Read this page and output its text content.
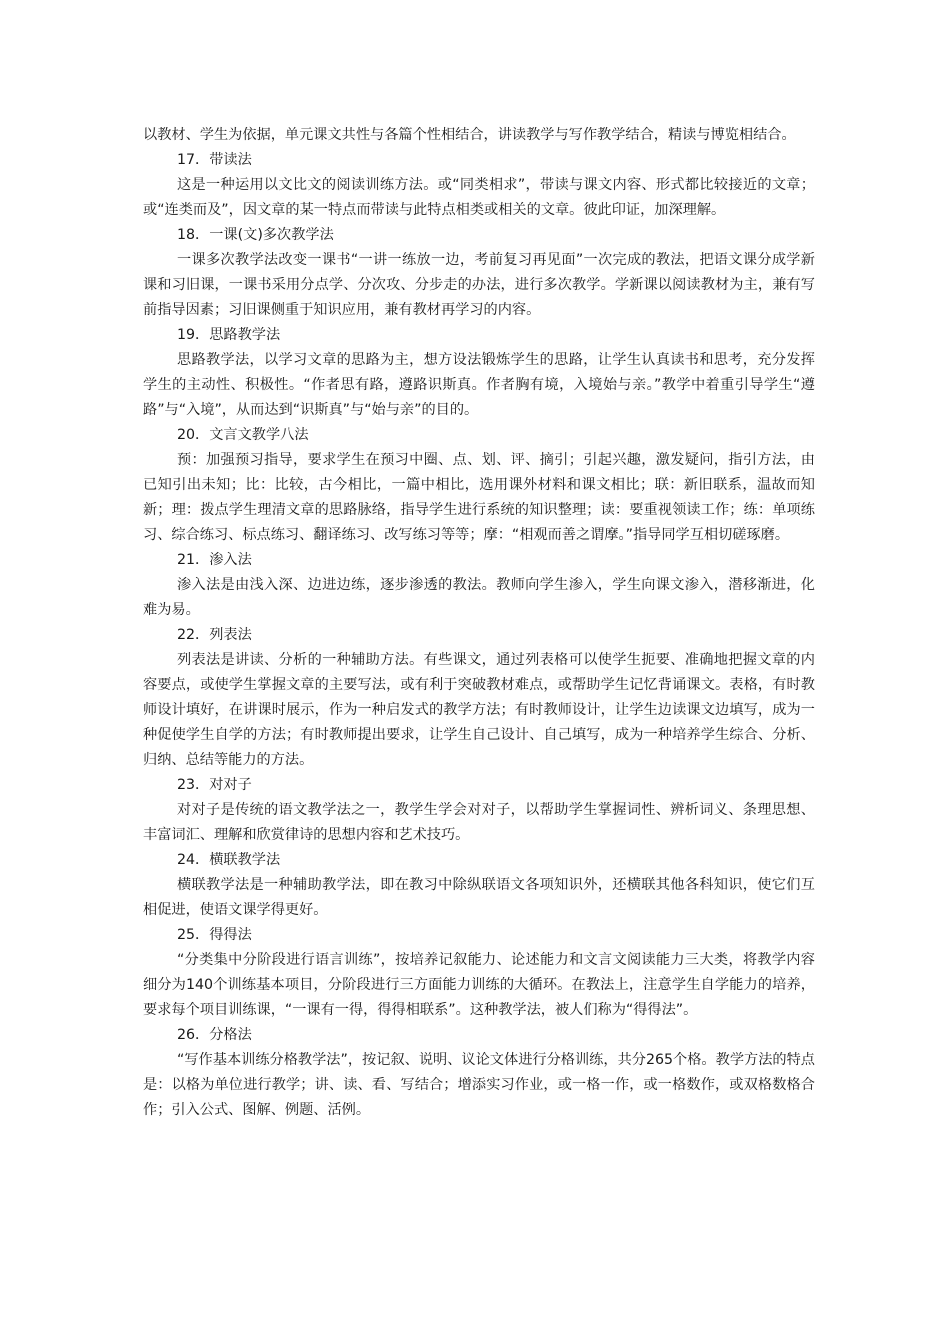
以教材、学生为依据，单元课文共性与各篇个性相结合，讲读教学与写作教学结合，精读与博览相结合。

17．带读法

这是一种运用以文比文的阅读训练方法。或“同类相求”，带读与课文内容、形式都比较接近的文章；或“连类而及”，因文章的某一特点而带读与此特点相类或相关的文章。彼此印证，加深理解。

18．一课(文)多次教学法

一课多次教学法改变一课书“一讲一练放一边，考前复习再见面”一次完成的教法，把语文课分成学新课和习旧课，一课书采用分点学、分次攻、分步走的办法，进行多次教学。学新课以阅读教材为主，兼有写前指导因素；习旧课侧重于知识应用，兼有教材再学习的内容。

19．思路教学法

思路教学法，以学习文章的思路为主，想方设法锻炼学生的思路，让学生认真读书和思考，充分发挥学生的主动性、积极性。“作者思有路，遵路识斯真。作者胸有境，入境始与亲。”教学中着重引导学生“遵路”与“入境”，从而达到“识斯真”与“始与亲”的目的。

20．文言文教学八法

预：加强预习指导，要求学生在预习中圈、点、划、评、摘引；引起兴趣，激发疑问，指引方法，由已知引出未知；比：比较，古今相比，一篇中相比，选用课外材料和课文相比；联：新旧联系，温故而知新；理：拨点学生理清文章的思路脉络，指导学生进行系统的知识整理；读：要重视领读工作；练：单项练习、综合练习、标点练习、翻译练习、改写练习等等；摩：“相观而善之谓摩。”指导同学互相切磋琢磨。

21．渗入法

渗入法是由浅入深、边进边练，逐步渗透的教法。教师向学生渗入，学生向课文渗入，潜移渐进，化难为易。

22．列表法

列表法是讲读、分析的一种辅助方法。有些课文，通过列表格可以使学生扼要、准确地把握文章的内容要点，或使学生掌握文章的主要写法，或有利于突破教材难点，或帮助学生记忆背诵课文。表格，有时教师设计填好，在讲课时展示，作为一种启发式的教学方法；有时教师设计，让学生边读课文边填写，成为一种促使学生自学的方法；有时教师提出要求，让学生自己设计、自己填写，成为一种培养学生综合、分析、归纳、总结等能力的方法。

23．对对子

对对子是传统的语文教学法之一，教学生学会对对子，以帮助学生掌握词性、辨析词义、条理思想、丰富词汇、理解和欣赏律诗的思想内容和艺术技巧。

24．横联教学法

横联教学法是一种辅助教学法，即在教习中除纵联语文各项知识外，还横联其他各科知识，使它们互相促进，使语文课学得更好。

25．得得法

“分类集中分阶段进行语言训练”，按培养记叙能力、论述能力和文言文阅读能力三大类，将教学内容细分为140个训练基本项目，分阶段进行三方面能力训练的大循环。在教法上，注意学生自学能力的培养，要求每个项目训练课，“一课有一得，得得相联系”。这种教学法，被人们称为“得得法”。

26．分格法

“写作基本训练分格教学法”，按记叙、说明、议论文体进行分格训练，共分265个格。教学方法的特点是：以格为单位进行教学；讲、读、看、写结合；增添实习作业，或一格一作，或一格数作，或双格数格合作；引入公式、图解、例题、活例。
